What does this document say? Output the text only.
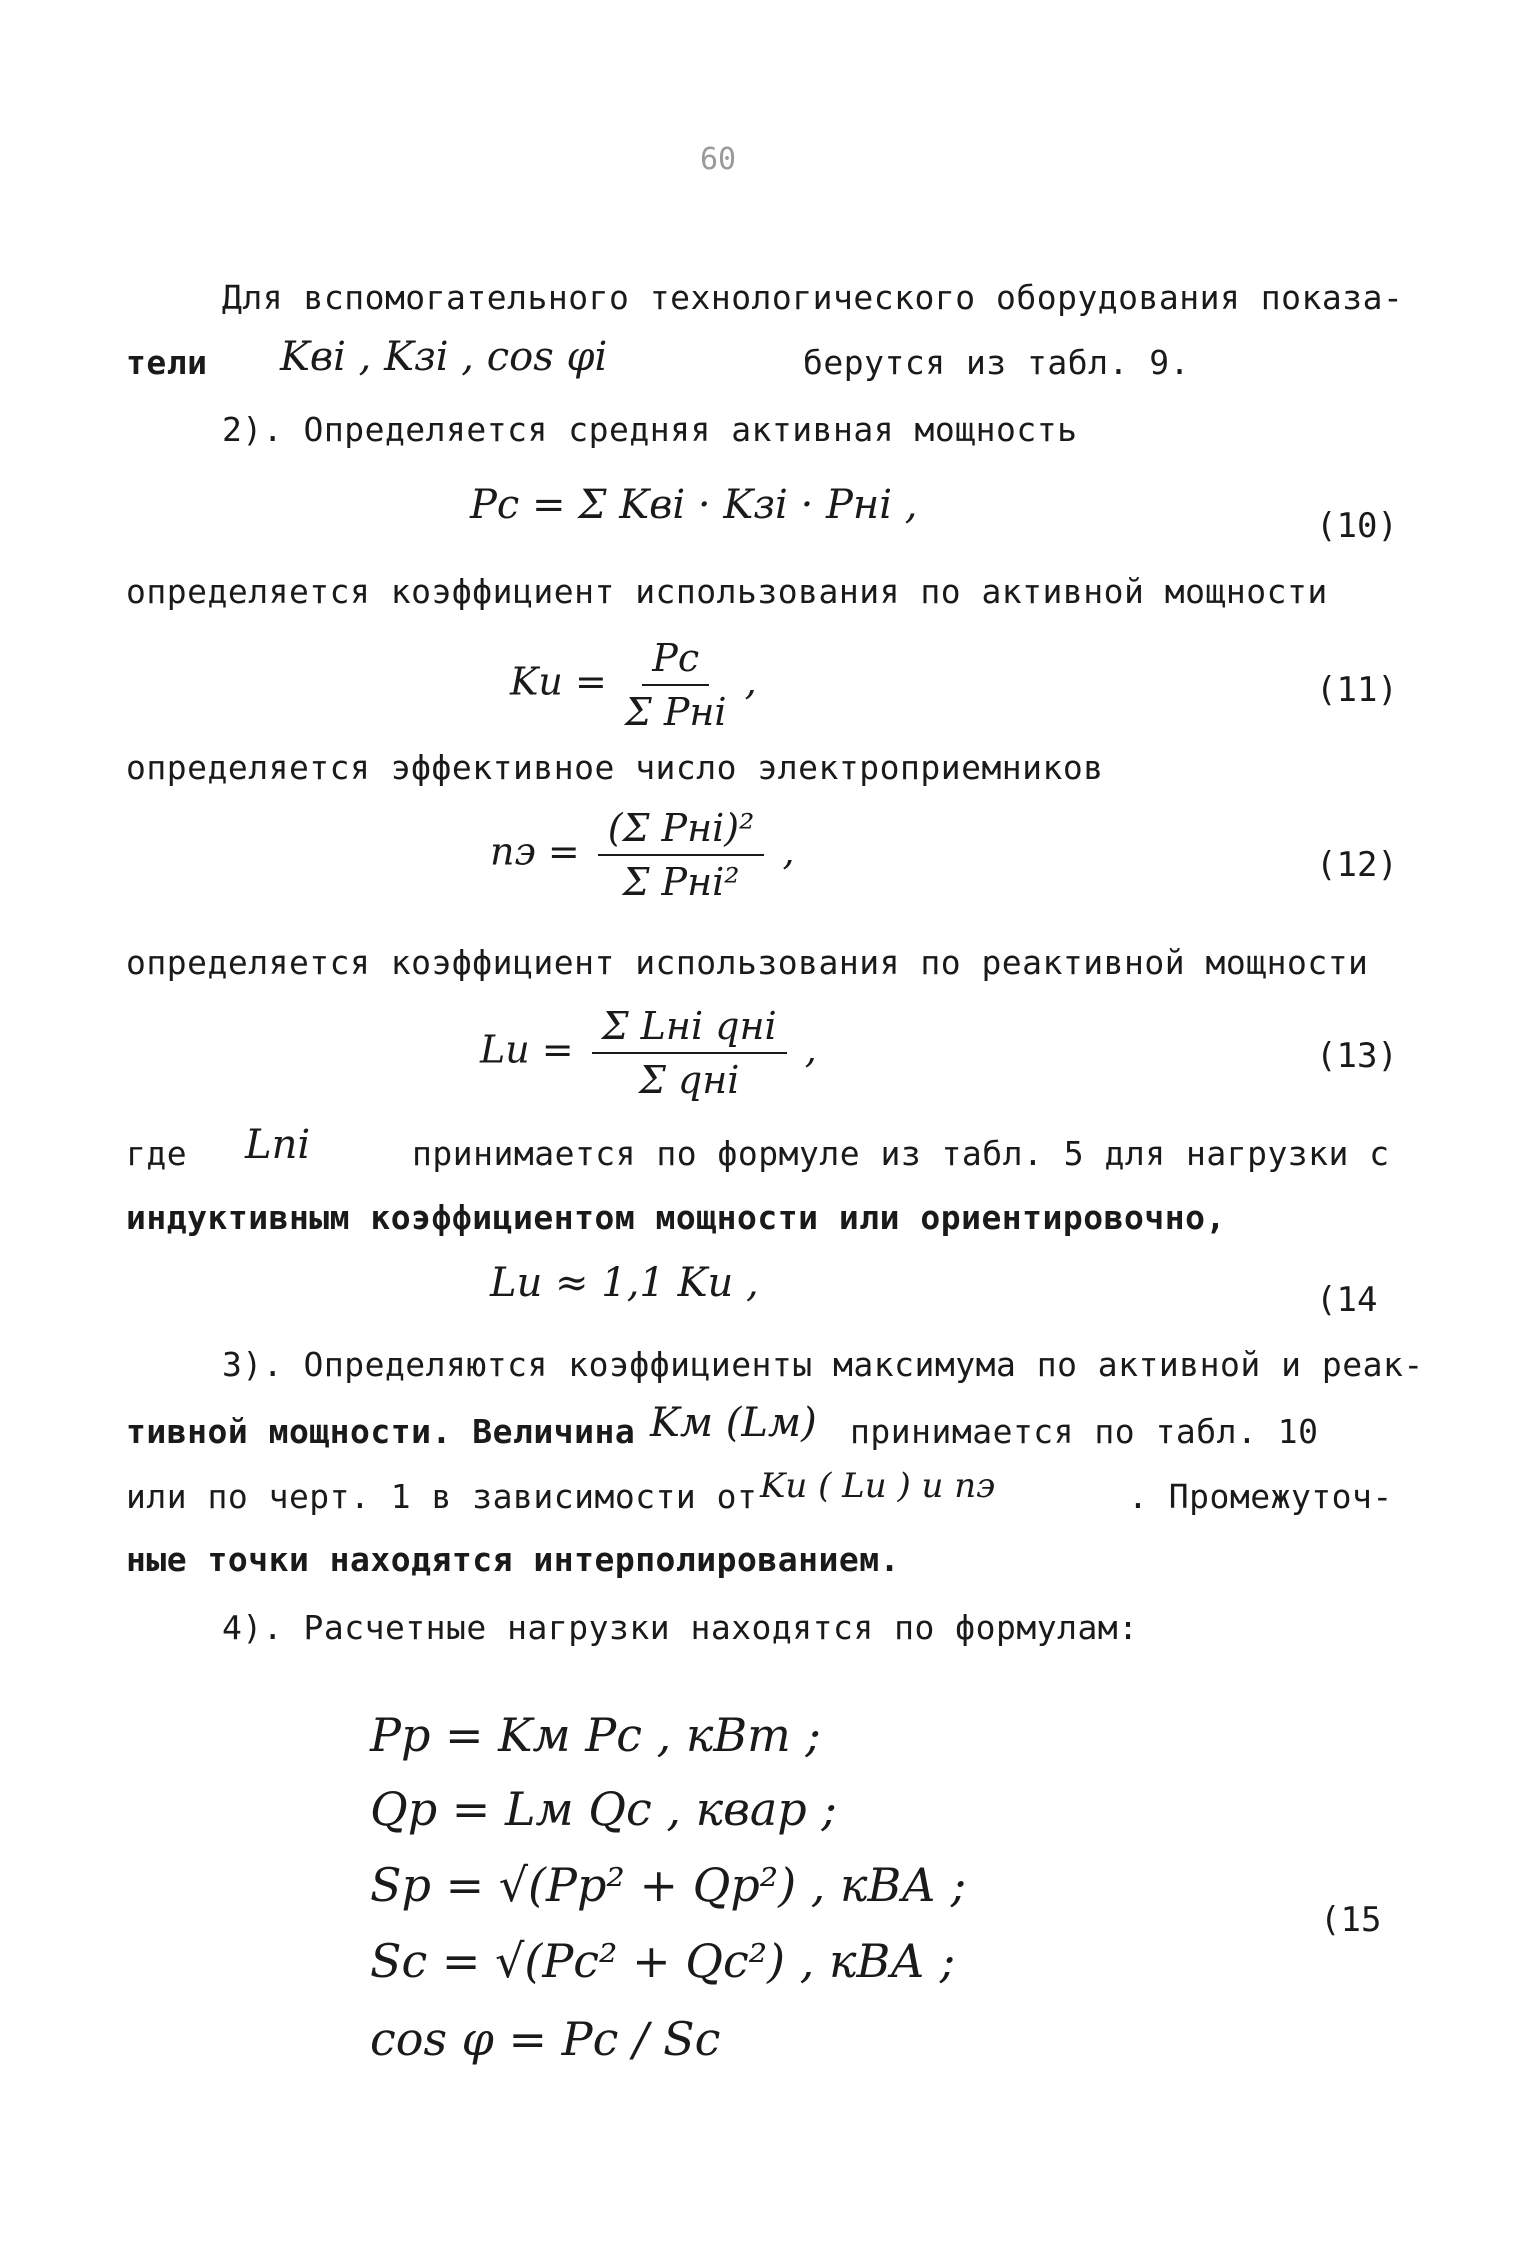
60
Для вспомогательного технологического оборудования показа-
тели Kвi , Kзi , cos φi	берутся из табл. 9.
2). Определяется средняя активная мощность
Pс = Σ Kвi · Kзi · Pнi ,	(10)
определяется коэффициент использования по активной мощности
Kи = $\frac{Pс}{\text{Σ Pнi}}$ ,	(11)
определяется эффективное число электроприемников
nэ = $\frac{\text{(Σ Pнi)²}}{\text{Σ Pнi²}}$ ,	(12)
определяется коэффициент использования по реактивной мощности
Lи = $\frac{\text{Σ Lнi qнi}}{\text{Σ qнi}}$ ,	(13)
где Lni	принимается по формуле из табл. 5 для нагрузки с
индуктивным коэффициентом мощности или ориентировочно,
Lи ≈ 1,1 Kи ,	(14
3). Определяются коэффициенты максимума по активной и реак-
тивной мощности. Величина Kм (Lм) принимается по табл. 10
или по черт. 1 в зависимости от Kи ( Lи ) и nэ	. Промежуточ-
ные точки находятся интерполированием.
4). Расчетные нагрузки находятся по формулам:
Pр = Kм Pс , кВт ;
Qр = Lм Qс , квар ;
Sр = √(Pр² + Qр²) , кВА ;
Sс = √(Pс² + Qс²) , кВА ;
cos φ = Pс / Sс
(15
